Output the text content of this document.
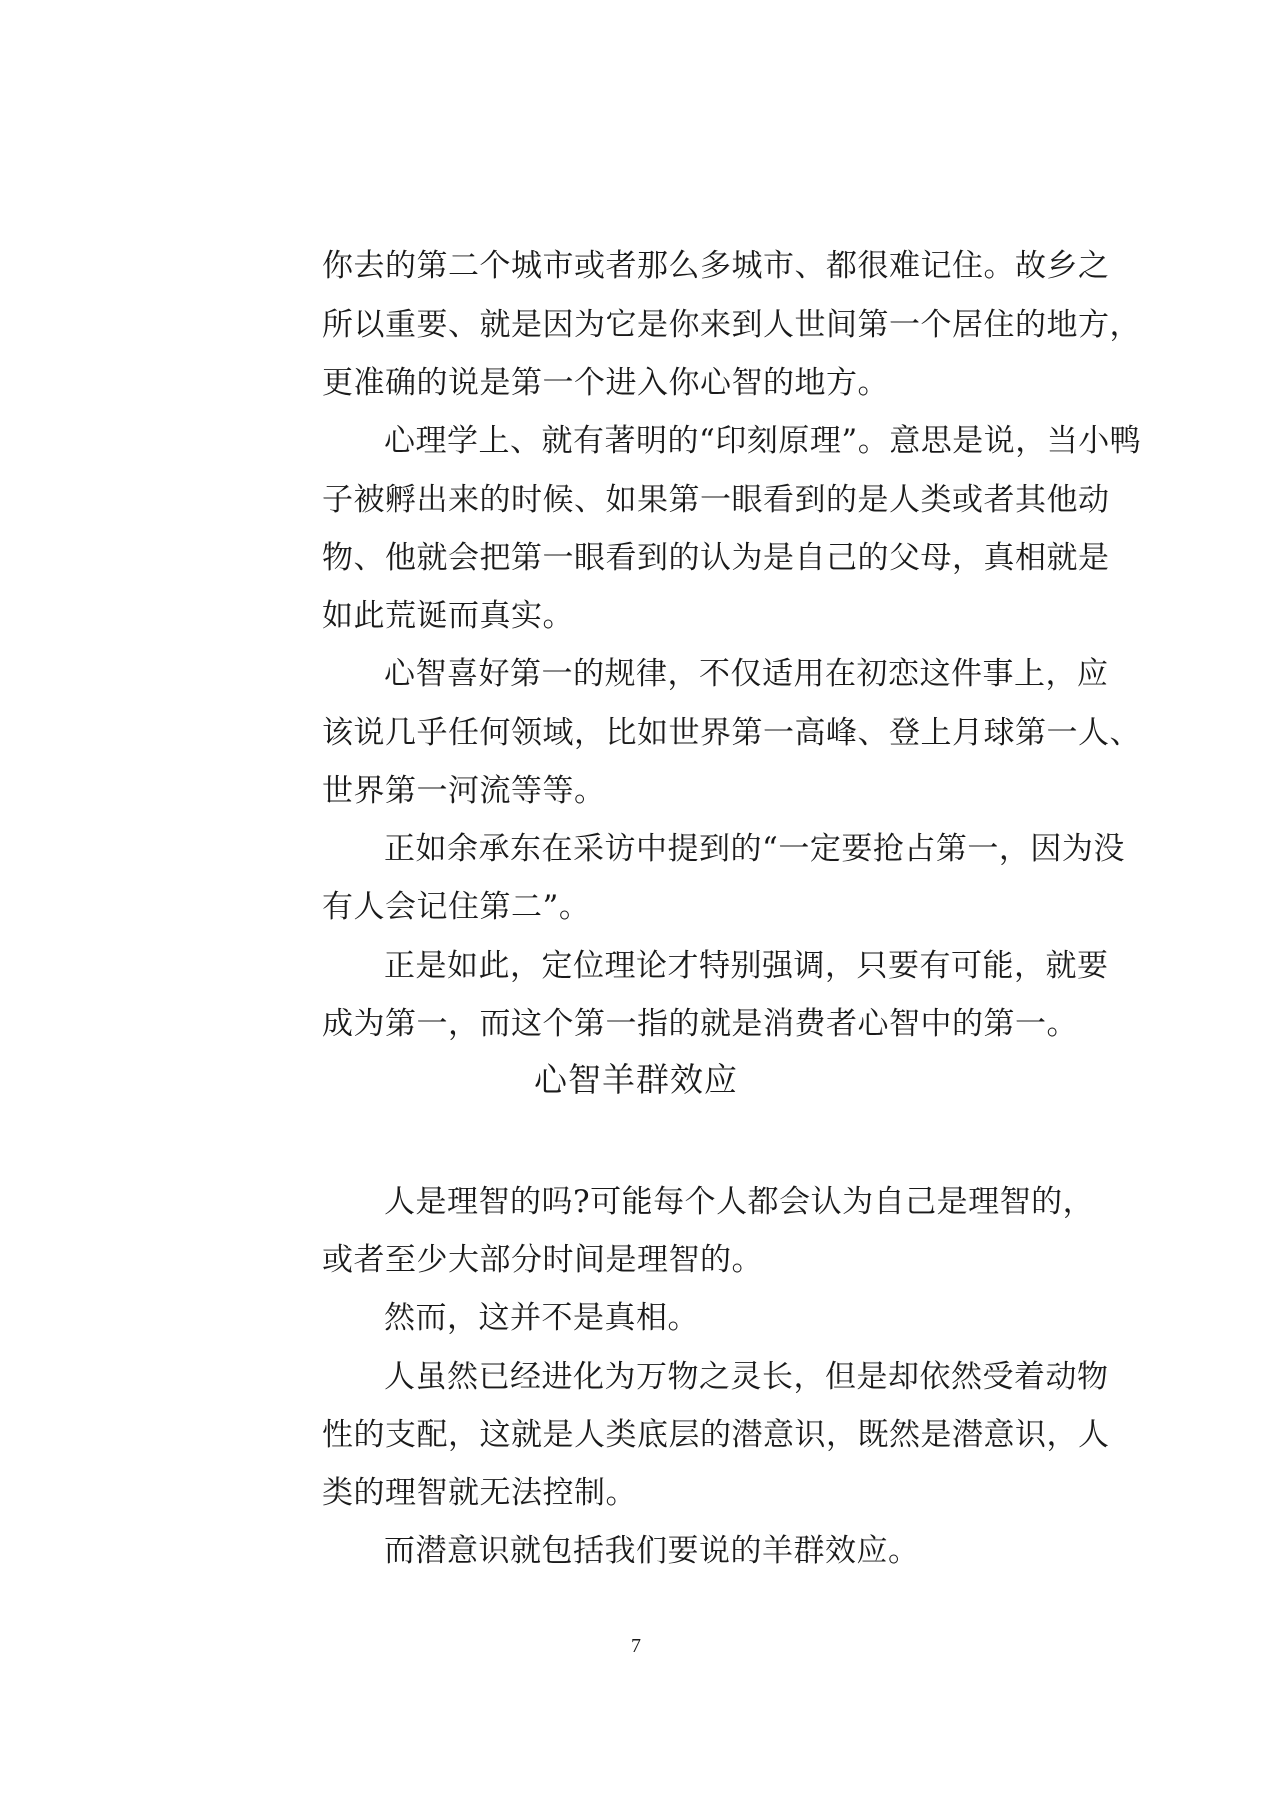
你去的第二个城市或者那么多城市、都很难记住。故乡之
所以重要、就是因为它是你来到人世间第一个居住的地方，
更准确的说是第一个进入你心智的地方。
心理学上、就有著明的“印刻原理”。意思是说，当小鸭
子被孵出来的时候、如果第一眼看到的是人类或者其他动
物、他就会把第一眼看到的认为是自己的父母，真相就是
如此荒诞而真实。
心智喜好第一的规律，不仅适用在初恋这件事上，应
该说几乎任何领域，比如世界第一高峰、登上月球第一人、
世界第一河流等等。
正如余承东在采访中提到的“一定要抢占第一，因为没
有人会记住第二”。
正是如此，定位理论才特别强调，只要有可能，就要
成为第一，而这个第一指的就是消费者心智中的第一。
心智羊群效应
人是理智的吗?可能每个人都会认为自己是理智的，
或者至少大部分时间是理智的。
然而，这并不是真相。
人虽然已经进化为万物之灵长，但是却依然受着动物
性的支配，这就是人类底层的潜意识，既然是潜意识，人
类的理智就无法控制。
而潜意识就包括我们要说的羊群效应。
7
